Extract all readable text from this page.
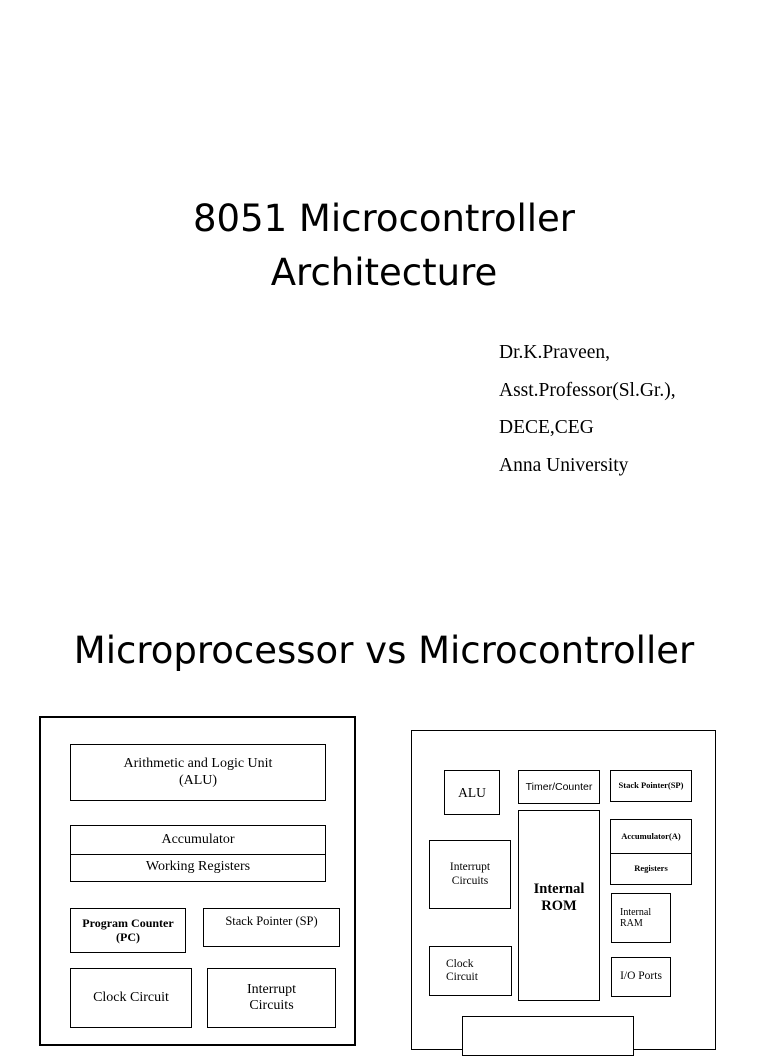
8051 Microcontroller
Architecture
Dr.K.Praveen,
Asst.Professor(Sl.Gr.),
DECE,CEG
Anna University
Microprocessor vs Microcontroller
Arithmetic and Logic Unit
(ALU)
Accumulator
Working Registers
Program Counter
(PC)
Stack Pointer (SP)
Clock Circuit
Interrupt
Circuits
ALU	Timer/Counter	Stack Pointer(SP)
Accumulator(A)
Registers
Interrupt
Circuits
Internal
ROM	Internal
RAM
Clock
Circuit	I/O Ports
